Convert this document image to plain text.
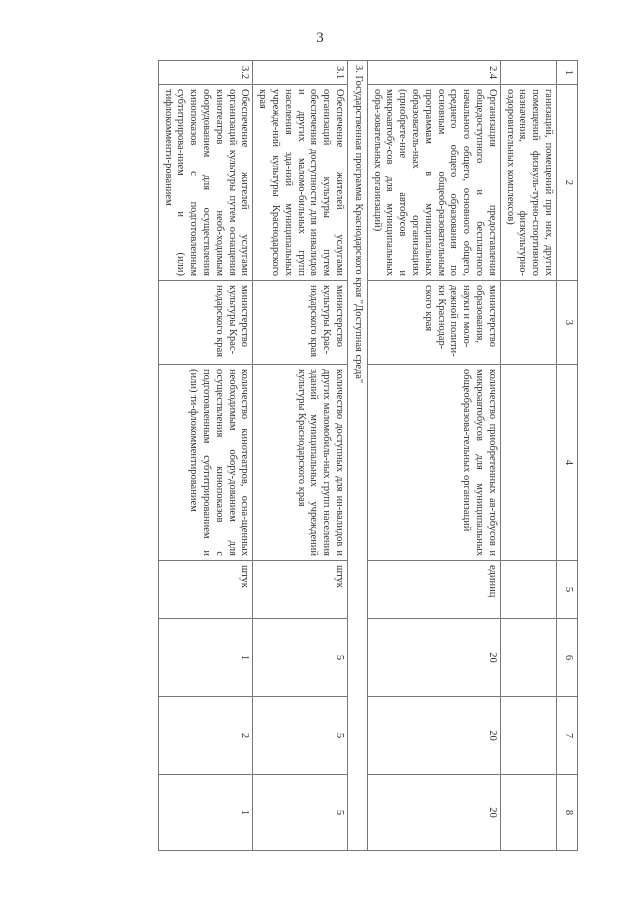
3
1	2	3	4	5	6	7	8
	ганизаций, помещений при них, других помещений физкуль-турно-спортивного назначения, физкультурно-оздоровительных комплексов)						
2.4	Организация предоставления общедоступного и бесплатного начального общего, основного общего, среднего общего образования по основным общеоб-разовательным программам в муниципальных образователь-ных организациях (приобрете-ние автобусов и микроавтобу-сов для муниципальных обра-зовательных организаций)	министерство образования, науки и моло-дежной полити-ки Краснодар-ского края	количество приобретенных ав-тобусов и микроавтобусов для муниципальных общеобразова-тельных организаций	единиц	20	20	20
3. Государственная программа Краснодарского края "Доступная среда"							
3.1	Обеспечение жителей услугами организаций культуры путем обеспечения доступности для инвалидов и других маломо-бильных групп населения зда-ний муниципальных учрежде-ний культуры Краснодарского края	министерство культуры Крас-нодарского края	количество доступных для ин-валидов и других маломобиль-ных групп населения зданий муниципальных учреждений культуры Краснодарского края	штук	5	5	5
3.2	Обеспечение жителей услугами организаций культуры путем оснащения кинотеатров необ-ходимым оборудованием для осуществления кинопоказов с подготовленным субтитрирова-нием и (или) тифлокомменти-рованием	министерство культуры Крас-нодарского края	количество кинотеатров, осна-щенных необходимым обору-дованием для осуществления кинопоказов с подготовленным субтитрированием и (или) ти-флокомментированием	штук	1	2	1
